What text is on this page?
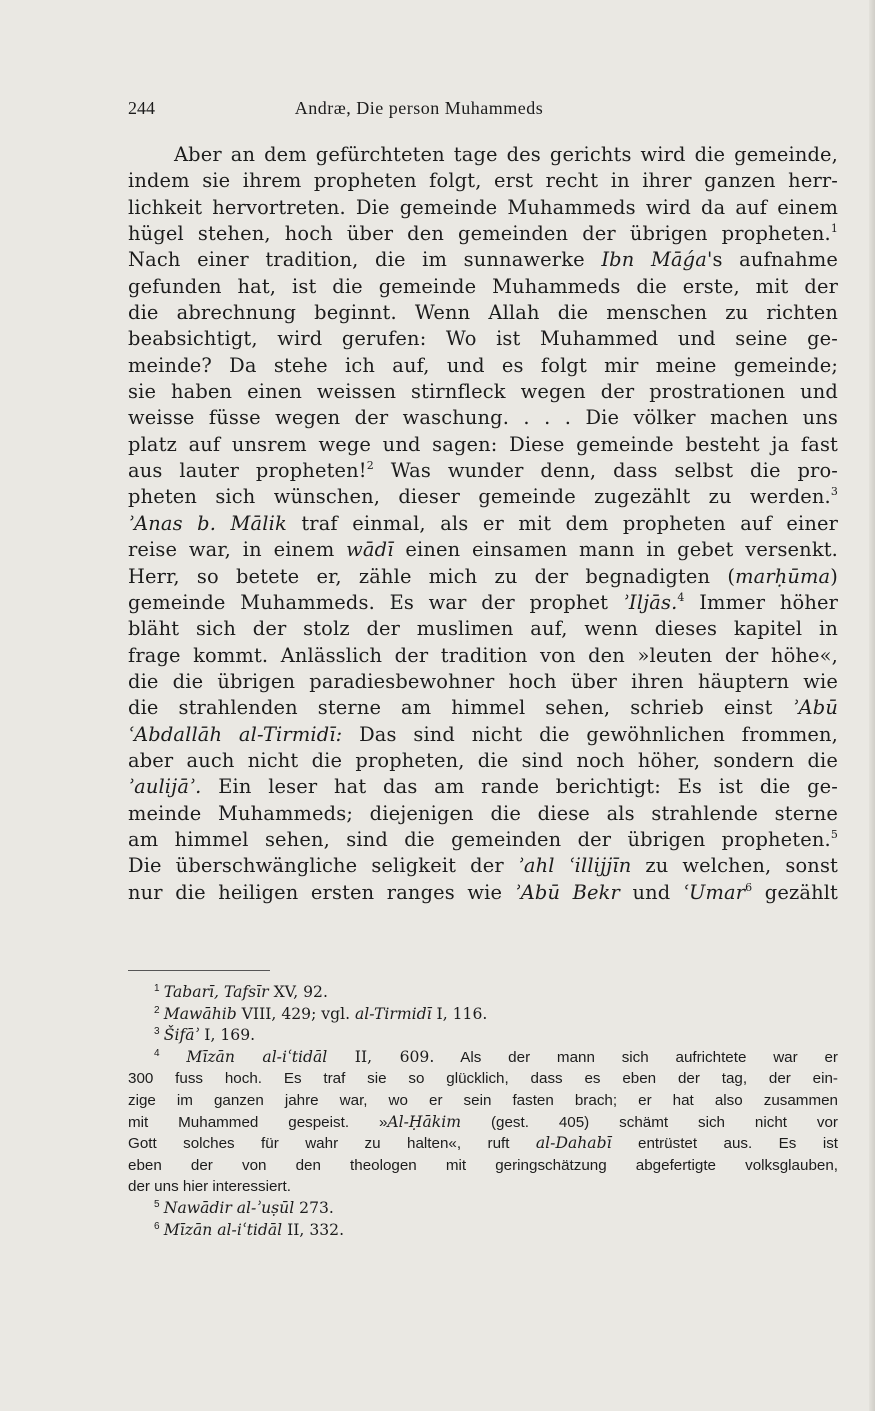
244	Andræ, Die person Muhammeds
Aber an dem gefürchteten tage des gerichts wird die gemeinde,
indem sie ihrem propheten folgt, erst recht in ihrer ganzen herr-
lichkeit hervortreten. Die gemeinde Muhammeds wird da auf einem
hügel stehen, hoch über den gemeinden der übrigen propheten.$^1$
Nach einer tradition, die im sunnawerke Ibn Māǵa's aufnahme
gefunden hat, ist die gemeinde Muhammeds die erste, mit der
die abrechnung beginnt. Wenn Allah die menschen zu richten
beabsichtigt, wird gerufen: Wo ist Muhammed und seine ge-
meinde? Da stehe ich auf, und es folgt mir meine gemeinde;
sie haben einen weissen stirnfleck wegen der prostrationen und
weisse füsse wegen der waschung. . . . Die völker machen uns
platz auf unsrem wege und sagen: Diese gemeinde besteht ja fast
aus lauter propheten!$^2$ Was wunder denn, dass selbst die pro-
pheten sich wünschen, dieser gemeinde zugezählt zu werden.$^3$
ʾAnas b. Mālik traf einmal, als er mit dem propheten auf einer
reise war, in einem wādī einen einsamen mann in gebet versenkt.
Herr, so betete er, zähle mich zu der begnadigten (marḥūma)
gemeinde Muhammeds. Es war der prophet ʾIljās.$^4$ Immer höher
bläht sich der stolz der muslimen auf, wenn dieses kapitel in
frage kommt. Anlässlich der tradition von den »leuten der höhe«,
die die übrigen paradiesbewohner hoch über ihren häuptern wie
die strahlenden sterne am himmel sehen, schrieb einst ʾAbū
ʿAbdallāh al-Tirmidī: Das sind nicht die gewöhnlichen frommen,
aber auch nicht die propheten, die sind noch höher, sondern die
ʾaulijāʾ. Ein leser hat das am rande berichtigt: Es ist die ge-
meinde Muhammeds; diejenigen die diese als strahlende sterne
am himmel sehen, sind die gemeinden der übrigen propheten.$^5$
Die überschwängliche seligkeit der ʾahl ʿillijjīn zu welchen, sonst
nur die heiligen ersten ranges wie ʾAbū Bekr und ʿUmar$^6$ gezählt
$^1$ Tabarī, Tafsīr XV, 92.
$^2$ Mawāhib VIII, 429; vgl. al-Tirmidī I, 116.
$^3$ Šifāʾ I, 169.
$^4$ Mīzān al-iʿtidāl II, 609. Als der mann sich aufrichtete war er
300 fuss hoch. Es traf sie so glücklich, dass es eben der tag, der ein-
zige im ganzen jahre war, wo er sein fasten brach; er hat also zusammen
mit Muhammed gespeist. »Al-Ḥākim (gest. 405) schämt sich nicht vor
Gott solches für wahr zu halten«, ruft al-Dahabī entrüstet aus. Es ist
eben der von den theologen mit geringschätzung abgefertigte volksglauben,
der uns hier interessiert.
$^5$ Nawādir al-ʾuṣūl 273.
$^6$ Mīzān al-iʿtidāl II, 332.
